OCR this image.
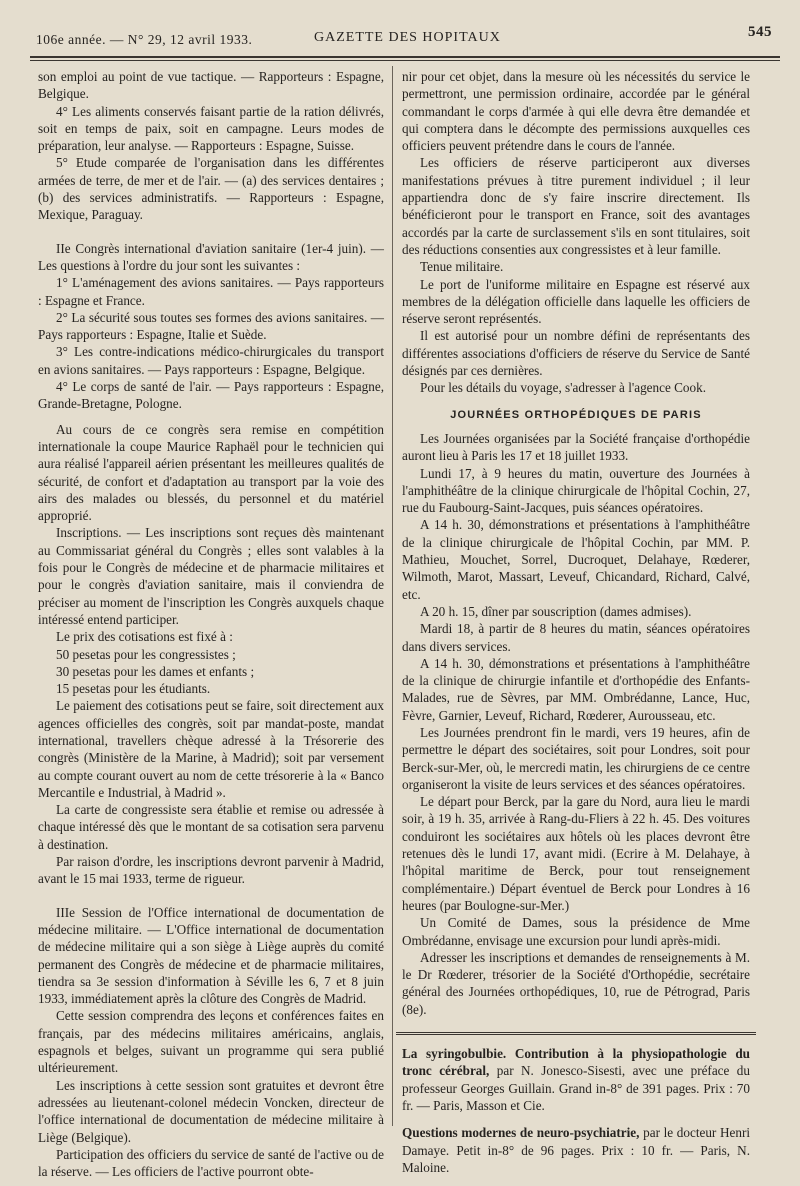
106e année. — N° 29, 12 avril 1933.	GAZETTE DES HOPITAUX	545

son emploi au point de vue tactique. — Rapporteurs : Espagne, Belgique.

4° Les aliments conservés faisant partie de la ration délivrés, soit en temps de paix, soit en campagne. Leurs modes de préparation, leur analyse. — Rapporteurs : Espagne, Suisse.

5° Etude comparée de l'organisation dans les différentes armées de terre, de mer et de l'air. — (a) des services dentaires ; (b) des services administratifs. — Rapporteurs : Espagne, Mexique, Paraguay.

IIe Congrès international d'aviation sanitaire (1er-4 juin). — Les questions à l'ordre du jour sont les suivantes :

1° L'aménagement des avions sanitaires. — Pays rapporteurs : Espagne et France.

2° La sécurité sous toutes ses formes des avions sanitaires. — Pays rapporteurs : Espagne, Italie et Suède.

3° Les contre-indications médico-chirurgicales du transport en avions sanitaires. — Pays rapporteurs : Espagne, Belgique.

4° Le corps de santé de l'air. — Pays rapporteurs : Espagne, Grande-Bretagne, Pologne.

Au cours de ce congrès sera remise en compétition internationale la coupe Maurice Raphaël pour le technicien qui aura réalisé l'appareil aérien présentant les meilleures qualités de sécurité, de confort et d'adaptation au transport par la voie des airs des malades ou blessés, du personnel et du matériel approprié.

Inscriptions. — Les inscriptions sont reçues dès maintenant au Commissariat général du Congrès ; elles sont valables à la fois pour le Congrès de médecine et de pharmacie militaires et pour le congrès d'aviation sanitaire, mais il conviendra de préciser au moment de l'inscription les Congrès auxquels chaque intéressé entend participer.

Le prix des cotisations est fixé à :

50 pesetas pour les congressistes ;

30 pesetas pour les dames et enfants ;

15 pesetas pour les étudiants.

Le paiement des cotisations peut se faire, soit directement aux agences officielles des congrès, soit par mandat-poste, mandat international, travellers chèque adressé à la Trésorerie des congrès (Ministère de la Marine, à Madrid); soit par versement au compte courant ouvert au nom de cette trésorerie à la « Banco Mercantile e Industrial, à Madrid ».

La carte de congressiste sera établie et remise ou adressée à chaque intéressé dès que le montant de sa cotisation sera parvenu à destination.

Par raison d'ordre, les inscriptions devront parvenir à Madrid, avant le 15 mai 1933, terme de rigueur.

IIIe Session de l'Office international de documentation de médecine militaire. — L'Office international de documentation de médecine militaire qui a son siège à Liège auprès du comité permanent des Congrès de médecine et de pharmacie militaires, tiendra sa 3e session d'information à Séville les 6, 7 et 8 juin 1933, immédiatement après la clôture des Congrès de Madrid.

Cette session comprendra des leçons et conférences faites en français, par des médecins militaires américains, anglais, espagnols et belges, suivant un programme qui sera publié ultérieurement.

Les inscriptions à cette session sont gratuites et devront être adressées au lieutenant-colonel médecin Voncken, directeur de l'office international de documentation de médecine militaire à Liège (Belgique).

Participation des officiers du service de santé de l'active ou de la réserve. — Les officiers de l'active pourront obte-

nir pour cet objet, dans la mesure où les nécessités du service le permettront, une permission ordinaire, accordée par le général commandant le corps d'armée à qui elle devra être demandée et qui comptera dans le décompte des permissions auxquelles ces officiers peuvent prétendre dans le cours de l'année.

Les officiers de réserve participeront aux diverses manifestations prévues à titre purement individuel ; il leur appartiendra donc de s'y faire inscrire directement. Ils bénéficieront pour le transport en France, soit des avantages accordés par la carte de surclassement s'ils en sont titulaires, soit des réductions consenties aux congressistes et à leur famille.

Tenue militaire.

Le port de l'uniforme militaire en Espagne est réservé aux membres de la délégation officielle dans laquelle les officiers de réserve seront représentés.

Il est autorisé pour un nombre défini de représentants des différentes associations d'officiers de réserve du Service de Santé désignés par ces dernières.

Pour les détails du voyage, s'adresser à l'agence Cook.

JOURNÉES ORTHOPÉDIQUES DE PARIS

Les Journées organisées par la Société française d'orthopédie auront lieu à Paris les 17 et 18 juillet 1933.

Lundi 17, à 9 heures du matin, ouverture des Journées à l'amphithéâtre de la clinique chirurgicale de l'hôpital Cochin, 27, rue du Faubourg-Saint-Jacques, puis séances opératoires.

A 14 h. 30, démonstrations et présentations à l'amphithéâtre de la clinique chirurgicale de l'hôpital Cochin, par MM. P. Mathieu, Mouchet, Sorrel, Ducroquet, Delahaye, Rœderer, Wilmoth, Marot, Massart, Leveuf, Chicandard, Richard, Calvé, etc.

A 20 h. 15, dîner par souscription (dames admises).

Mardi 18, à partir de 8 heures du matin, séances opératoires dans divers services.

A 14 h. 30, démonstrations et présentations à l'amphithéâtre de la clinique de chirurgie infantile et d'orthopédie des Enfants-Malades, rue de Sèvres, par MM. Ombrédanne, Lance, Huc, Fèvre, Garnier, Leveuf, Richard, Rœderer, Aurousseau, etc.

Les Journées prendront fin le mardi, vers 19 heures, afin de permettre le départ des sociétaires, soit pour Londres, soit pour Berck-sur-Mer, où, le mercredi matin, les chirurgiens de ce centre organiseront la visite de leurs services et des séances opératoires.

Le départ pour Berck, par la gare du Nord, aura lieu le mardi soir, à 19 h. 35, arrivée à Rang-du-Fliers à 22 h. 45. Des voitures conduiront les sociétaires aux hôtels où les places devront être retenues dès le lundi 17, avant midi. (Ecrire à M. Delahaye, à l'hôpital maritime de Berck, pour tout renseignement complémentaire.) Départ éventuel de Berck pour Londres à 16 heures (par Boulogne-sur-Mer.)

Un Comité de Dames, sous la présidence de Mme Ombrédanne, envisage une excursion pour lundi après-midi.

Adresser les inscriptions et demandes de renseignements à M. le Dr Rœderer, trésorier de la Société d'Orthopédie, secrétaire général des Journées orthopédiques, 10, rue de Pétrograd, Paris (8e).

La syringobulbie. Contribution à la physiopathologie du tronc cérébral, par N. Jonesco-Sisesti, avec une préface du professeur Georges Guillain. Grand in-8° de 391 pages. Prix : 70 fr. — Paris, Masson et Cie.

Questions modernes de neuro-psychiatrie, par le docteur Henri Damaye. Petit in-8° de 96 pages. Prix : 10 fr. — Paris, N. Maloine.
